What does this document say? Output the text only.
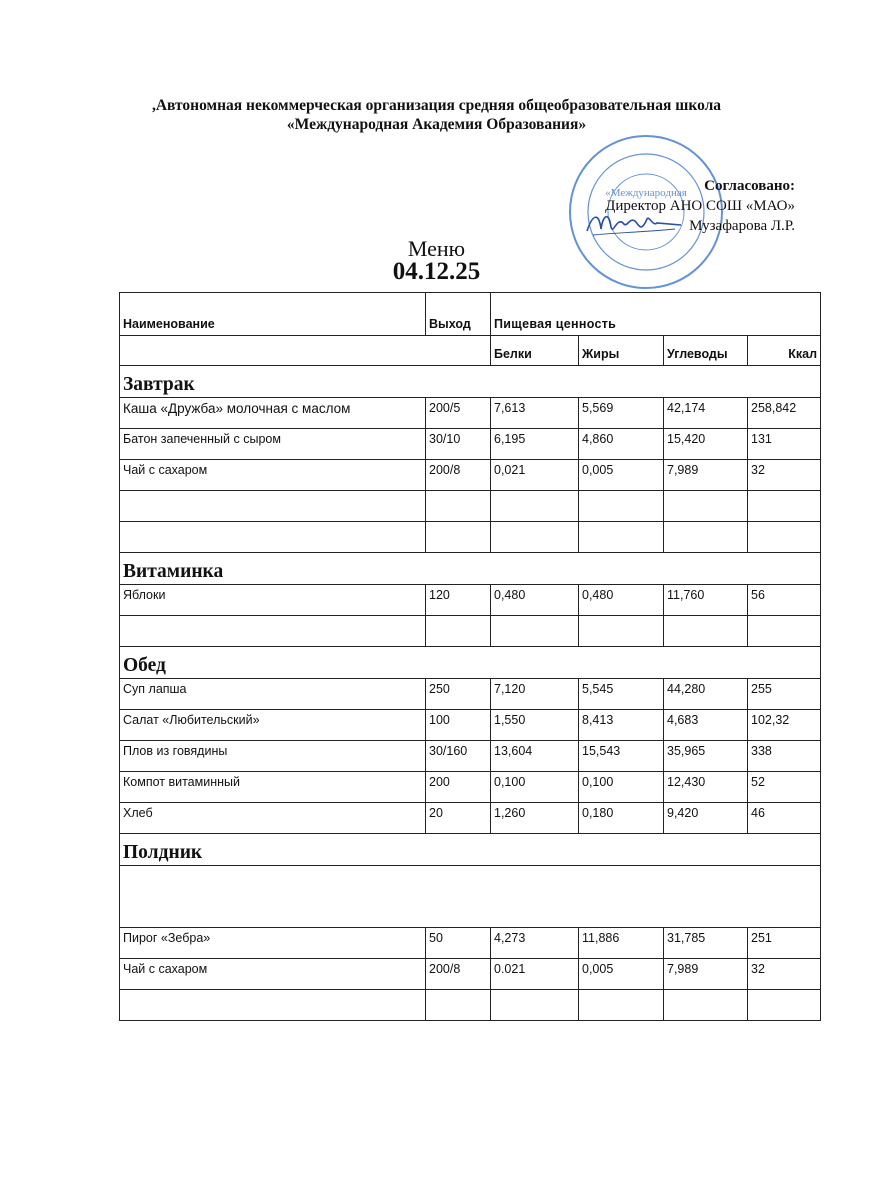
,Автономная некоммерческая организация средняя общеобразовательная школа
«Международная Академия Образования»
«Международная	Согласовано:
Директор АНО СОШ «МАО»
Музафарова Л.Р.
Меню
04.12.25
Наименование	Выход	Пищевая ценность			
		Белки	Жиры	Углеводы	Ккал
Завтрак					
Каша «Дружба» молочная с маслом	200/5	7,613	5,569	42,174	258,842
Батон запеченный с сыром	30/10	6,195	4,860	15,420	131
Чай с сахаром	200/8	0,021	0,005	7,989	32

Витаминка					
Яблоки	120	0,480	0,480	11,760	56

Обед					
Суп лапша	250	7,120	5,545	44,280	255
Салат «Любительский»	100	1,550	8,413	4,683	102,32
Плов из говядины	30/160	13,604	15,543	35,965	338
Компот витаминный	200	0,100	0,100	12,430	52
Хлеб	20	1,260	0,180	9,420	46
Полдник					

Пирог «Зебра»	50	4,273	11,886	31,785	251
Чай с сахаром	200/8	0.021	0,005	7,989	32
